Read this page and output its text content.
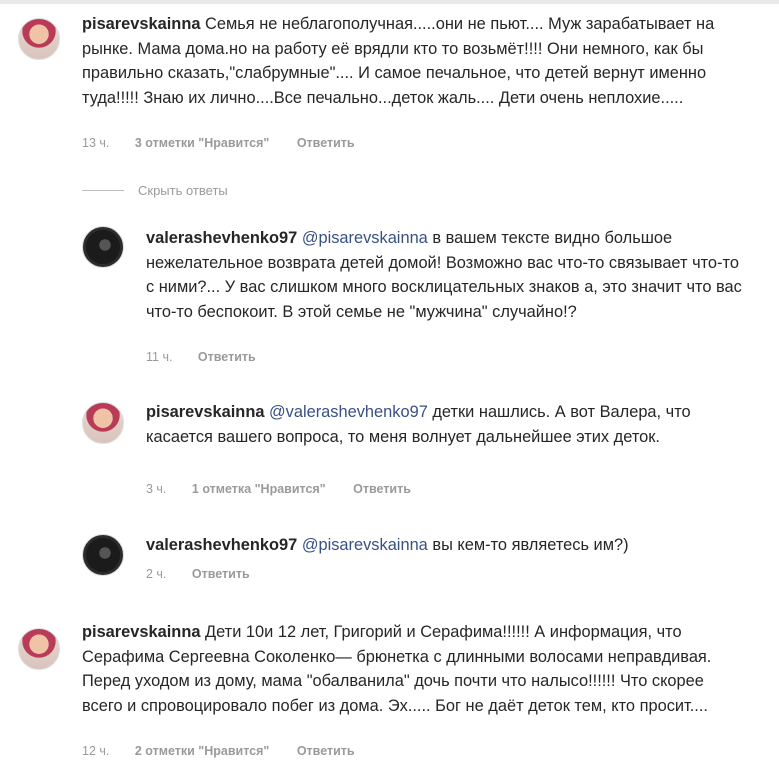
pisarevskainna Семья не неблагополучная.....они не пьют.... Муж зарабатывает на рынке. Мама дома.но на работу её врядли кто то возьмёт!!!! Они немного, как бы правильно сказать,"слабрумные".... И самое печальное, что детей вернут именно туда!!!!! Знаю их лично....Все печально...деток жаль.... Дети очень неплохие.....
13 ч. 3 отметки "Нравится" Ответить
Скрыть ответы
valerashevhenko97 @pisarevskainna в вашем тексте видно большое нежелательное возврата детей домой! Возможно вас что-то связывает что-то с ними?... У вас слишком много восклицательных знаков а, это значит что вас что-то беспокоит. В этой семье не "мужчина" случайно!?
11 ч. Ответить
pisarevskainna @valerashevhenko97 детки нашлись. А вот Валера, что касается вашего вопроса, то меня волнует дальнейшее этих деток.
3 ч. 1 отметка "Нравится" Ответить
valerashevhenko97 @pisarevskainna вы кем-то являетесь им?)
2 ч. Ответить
pisarevskainna Дети 10и 12 лет, Григорий и Серафима!!!!!! А информация, что Серафима Сергеевна Соколенко— брюнетка с длинными волосами неправдивая. Перед уходом из дому, мама "обалванила" дочь почти что налысо!!!!!! Что скорее всего и спровоцировало побег из дома. Эх..... Бог не даёт деток тем, кто просит....
12 ч. 2 отметки "Нравится" Ответить
